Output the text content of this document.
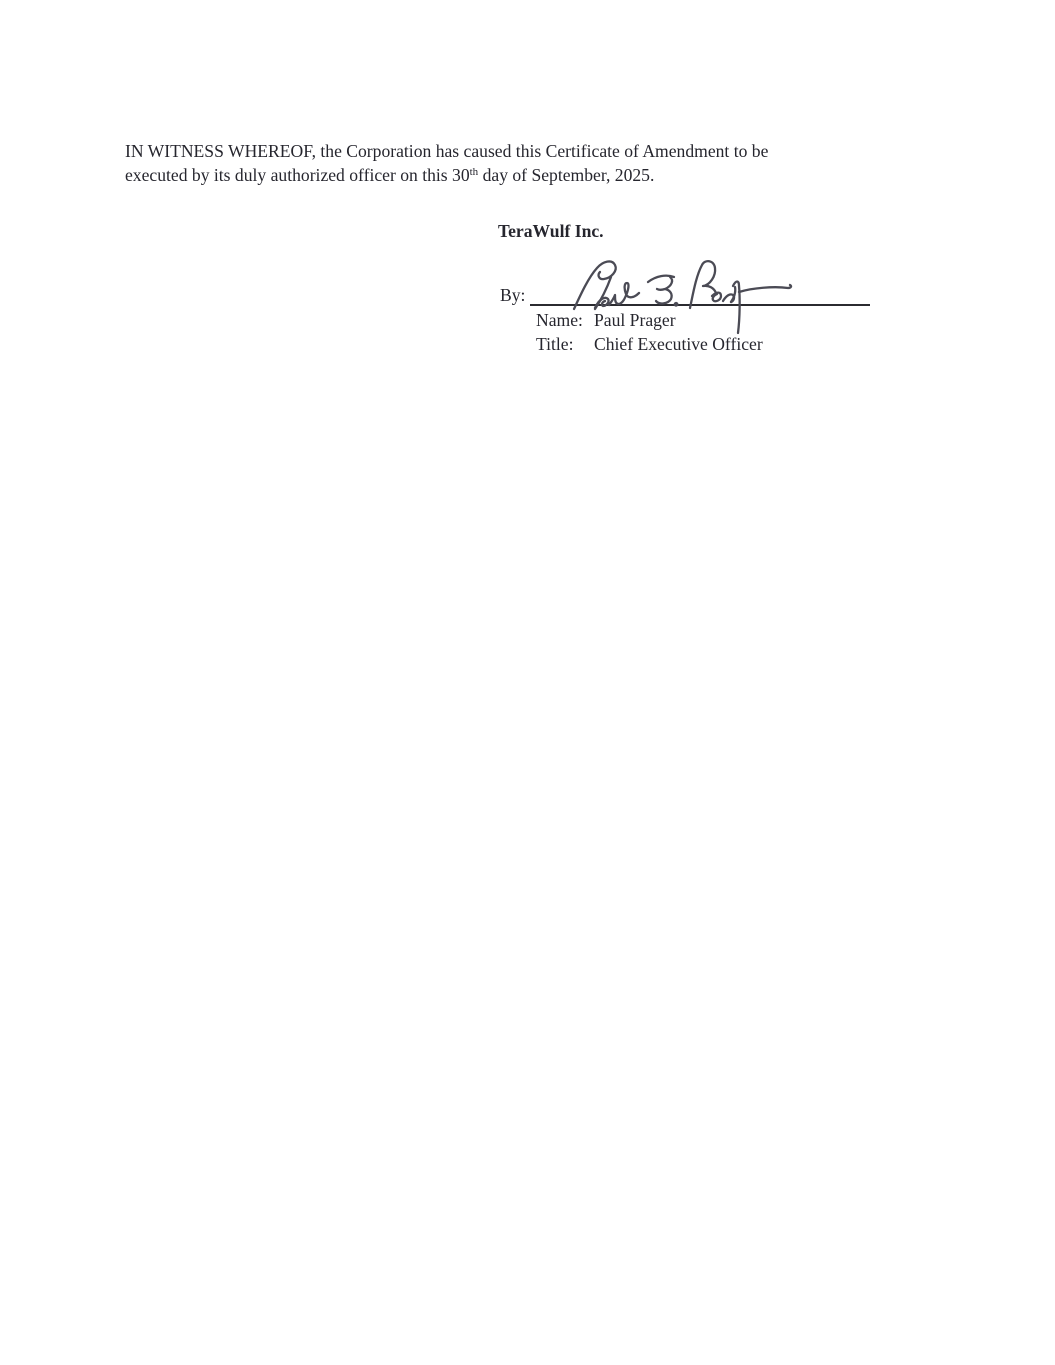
IN WITNESS WHEREOF, the Corporation has caused this Certificate of Amendment to be
executed by its duly authorized officer on this 30th day of September, 2025.

TeraWulf Inc.
By:
Name: Paul Prager
Title: Chief Executive Officer
